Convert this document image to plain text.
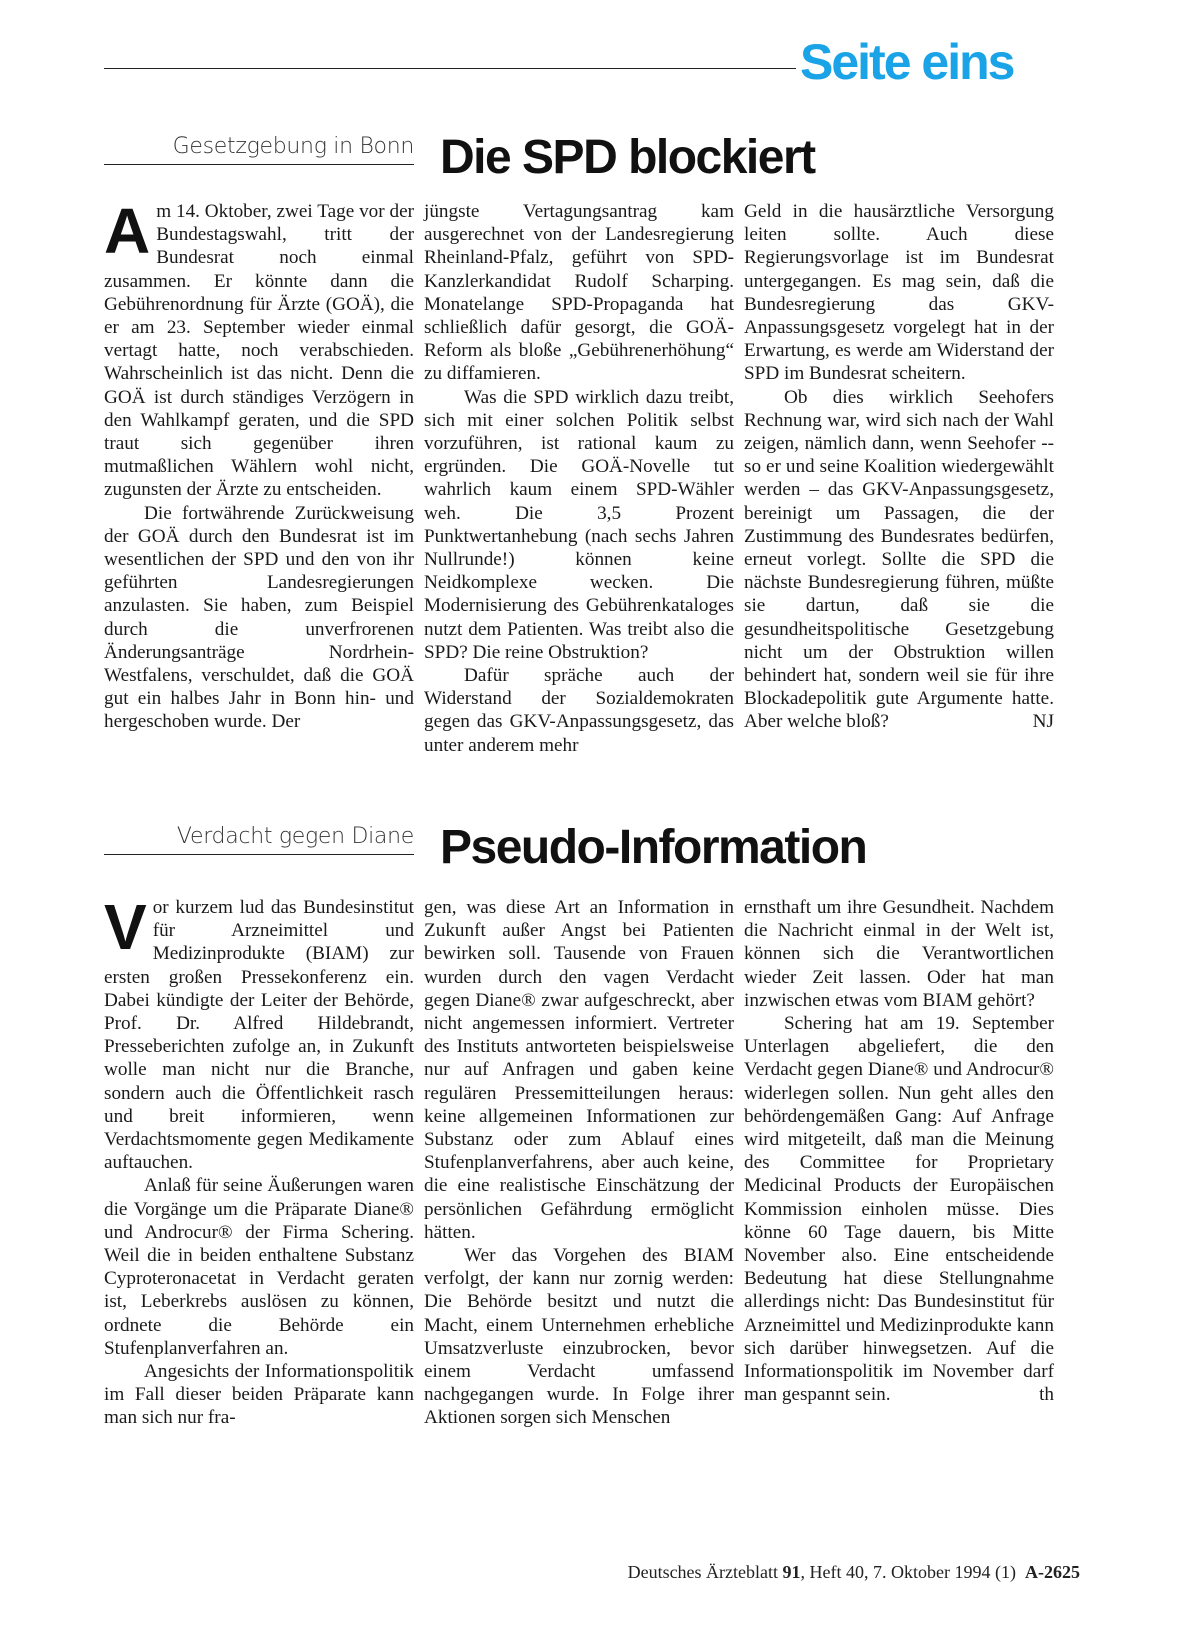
Seite eins
Gesetzgebung in Bonn Die SPD blockiert

Am 14. Oktober, zwei Tage vor der Bundestagswahl, tritt der Bundesrat noch einmal zusammen. Er könnte dann die Gebührenordnung für Ärzte (GOÄ), die er am 23. September wieder einmal vertagt hatte, noch verabschieden. Wahrscheinlich ist das nicht. Denn die GOÄ ist durch ständiges Verzögern in den Wahlkampf geraten, und die SPD traut sich gegenüber ihren mutmaßlichen Wählern wohl nicht, zugunsten der Ärzte zu entscheiden.

Die fortwährende Zurückweisung der GOÄ durch den Bundesrat ist im wesentlichen der SPD und den von ihr geführten Landesregierungen anzulasten. Sie haben, zum Beispiel durch die unverfrorenen Änderungsanträge Nordrhein-Westfalens, verschuldet, daß die GOÄ gut ein halbes Jahr in Bonn hin- und hergeschoben wurde. Der

jüngste Vertagungsantrag kam ausgerechnet von der Landesregierung Rheinland-Pfalz, geführt von SPD-Kanzlerkandidat Rudolf Scharping. Monatelange SPD-Propaganda hat schließlich dafür gesorgt, die GOÄ-Reform als bloße „Gebührenerhöhung“ zu diffamieren.

Was die SPD wirklich dazu treibt, sich mit einer solchen Politik selbst vorzuführen, ist rational kaum zu ergründen. Die GOÄ-Novelle tut wahrlich kaum einem SPD-Wähler weh. Die 3,5 Prozent Punktwertanhebung (nach sechs Jahren Nullrunde!) können keine Neidkomplexe wecken. Die Modernisierung des Gebührenkataloges nutzt dem Patienten. Was treibt also die SPD? Die reine Obstruktion?

Dafür spräche auch der Widerstand der Sozialdemokraten gegen das GKV-Anpassungsgesetz, das unter anderem mehr

Geld in die hausärztliche Versorgung leiten sollte. Auch diese Regierungsvorlage ist im Bundesrat untergegangen. Es mag sein, daß die Bundesregierung das GKV-Anpassungsgesetz vorgelegt hat in der Erwartung, es werde am Widerstand der SPD im Bundesrat scheitern.

Ob dies wirklich Seehofers Rechnung war, wird sich nach der Wahl zeigen, nämlich dann, wenn Seehofer -- so er und seine Koalition wiedergewählt werden – das GKV-Anpassungsgesetz, bereinigt um Passagen, die der Zustimmung des Bundesrates bedürfen, erneut vorlegt. Sollte die SPD die nächste Bundesregierung führen, müßte sie dartun, daß sie die gesundheitspolitische Gesetzgebung nicht um der Obstruktion willen behindert hat, sondern weil sie für ihre Blockadepolitik gute Argumente hatte. Aber welche bloß?	NJ

Verdacht gegen Diane Pseudo-Information

Vor kurzem lud das Bundesinstitut für Arzneimittel und Medizinprodukte (BIAM) zur ersten großen Pressekonferenz ein. Dabei kündigte der Leiter der Behörde, Prof. Dr. Alfred Hildebrandt, Presseberichten zufolge an, in Zukunft wolle man nicht nur die Branche, sondern auch die Öffentlichkeit rasch und breit informieren, wenn Verdachtsmomente gegen Medikamente auftauchen.

Anlaß für seine Äußerungen waren die Vorgänge um die Präparate Diane® und Androcur® der Firma Schering. Weil die in beiden enthaltene Substanz Cyproteronacetat in Verdacht geraten ist, Leberkrebs auslösen zu können, ordnete die Behörde ein Stufenplanverfahren an.

Angesichts der Informationspolitik im Fall dieser beiden Präparate kann man sich nur fra-

gen, was diese Art an Information in Zukunft außer Angst bei Patienten bewirken soll. Tausende von Frauen wurden durch den vagen Verdacht gegen Diane® zwar aufgeschreckt, aber nicht angemessen informiert. Vertreter des Instituts antworteten beispielsweise nur auf Anfragen und gaben keine regulären Pressemitteilungen heraus: keine allgemeinen Informationen zur Substanz oder zum Ablauf eines Stufenplanverfahrens, aber auch keine, die eine realistische Einschätzung der persönlichen Gefährdung ermöglicht hätten.

Wer das Vorgehen des BIAM verfolgt, der kann nur zornig werden: Die Behörde besitzt und nutzt die Macht, einem Unternehmen erhebliche Umsatzverluste einzubrocken, bevor einem Verdacht umfassend nachgegangen wurde. In Folge ihrer Aktionen sorgen sich Menschen

ernsthaft um ihre Gesundheit. Nachdem die Nachricht einmal in der Welt ist, können sich die Verantwortlichen wieder Zeit lassen. Oder hat man inzwischen etwas vom BIAM gehört?

Schering hat am 19. September Unterlagen abgeliefert, die den Verdacht gegen Diane® und Androcur® widerlegen sollen. Nun geht alles den behördengemäßen Gang: Auf Anfrage wird mitgeteilt, daß man die Meinung des Committee for Proprietary Medicinal Products der Europäischen Kommission einholen müsse. Dies könne 60 Tage dauern, bis Mitte November also. Eine entscheidende Bedeutung hat diese Stellungnahme allerdings nicht: Das Bundesinstitut für Arzneimittel und Medizinprodukte kann sich darüber hinwegsetzen. Auf die Informationspolitik im November darf man gespannt sein.	th

Deutsches Ärzteblatt 91, Heft 40, 7. Oktober 1994 (1) A-2625
